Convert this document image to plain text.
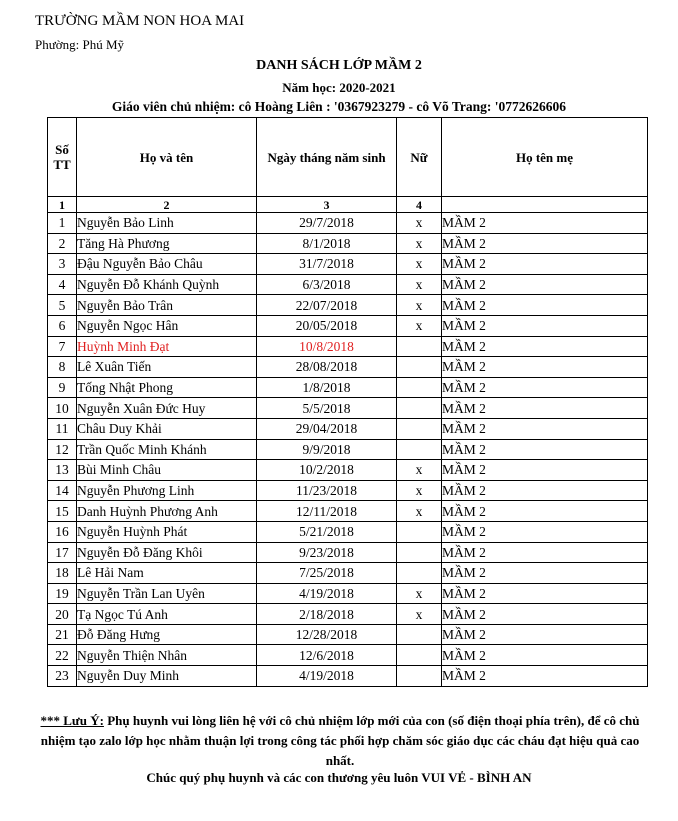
TRƯỜNG MẦM NON HOA MAI
Phường: Phú Mỹ
DANH SÁCH LỚP MẦM 2
Năm học: 2020-2021
Giáo viên chủ nhiệm: cô Hoàng Liên : '0367923279 - cô Võ Trang: '0772626606
Số TT	Họ và tên	Ngày tháng năm sinh	Nữ	Họ tên mẹ
1	2	3	4	
1	Nguyễn Bảo Linh	29/7/2018	x	MẦM 2
2	Tăng Hà Phương	8/1/2018	x	MẦM 2
3	Đậu Nguyễn Bảo Châu	31/7/2018	x	MẦM 2
4	Nguyễn Đỗ Khánh Quỳnh	6/3/2018	x	MẦM 2
5	Nguyễn Bảo Trân	22/07/2018	x	MẦM 2
6	Nguyễn Ngọc Hân	20/05/2018	x	MẦM 2
7	Huỳnh Minh Đạt	10/8/2018		MẦM 2
8	Lê Xuân Tiến	28/08/2018		MẦM 2
9	Tống Nhật Phong	1/8/2018		MẦM 2
10	Nguyễn Xuân Đức Huy	5/5/2018		MẦM 2
11	Châu Duy Khải	29/04/2018		MẦM 2
12	Trần Quốc Minh Khánh	9/9/2018		MẦM 2
13	Bùi Minh Châu	10/2/2018	x	MẦM 2
14	Nguyễn Phương Linh	11/23/2018	x	MẦM 2
15	Danh Huỳnh Phương Anh	12/11/2018	x	MẦM 2
16	Nguyễn Huỳnh Phát	5/21/2018		MẦM 2
17	Nguyễn Đỗ Đăng Khôi	9/23/2018		MẦM 2
18	Lê Hải Nam	7/25/2018		MẦM 2
19	Nguyễn Trần Lan Uyên	4/19/2018	x	MẦM 2
20	Tạ Ngọc Tú Anh	2/18/2018	x	MẦM 2
21	Đỗ Đăng Hưng	12/28/2018		MẦM 2
22	Nguyễn Thiện Nhân	12/6/2018		MẦM 2
23	Nguyễn Duy Minh	4/19/2018		MẦM 2
*** Lưu Ý: Phụ huynh vui lòng liên hệ với cô chủ nhiệm lớp mới của con (số điện thoại phía trên), để cô chủ nhiệm tạo zalo lớp học nhằm thuận lợi trong công tác phối hợp chăm sóc giáo dục các cháu đạt hiệu quả cao nhất.
Chúc quý phụ huynh và các con thương yêu luôn VUI VẺ - BÌNH AN
